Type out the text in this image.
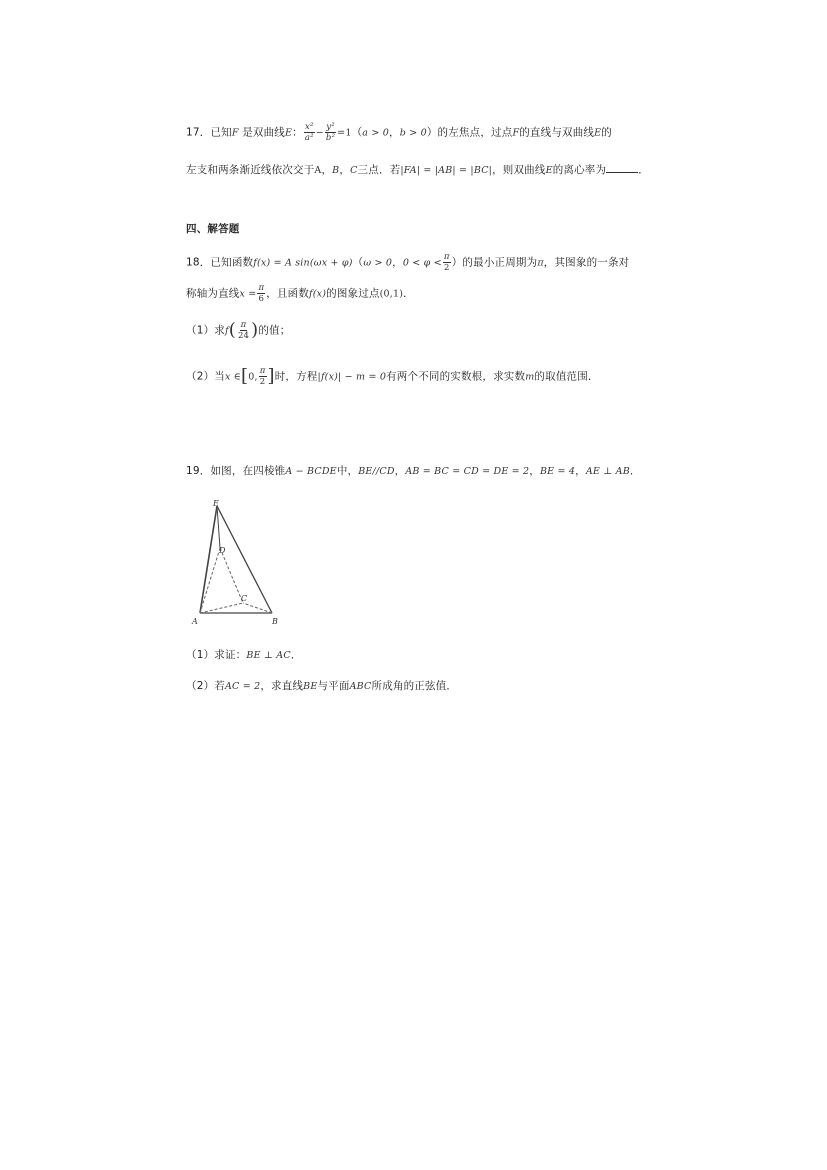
17．已知F 是双曲线E： $\frac{\text{x²}}{\text{a²}} - \frac{\text{y²}}{\text{b²}} =1(a > 0$，b > 0）的左焦点，过点F的直线与双曲线E的
左支和两条渐近线依次交于A，B，C三点．若|FA| = |AB| = |BC|，则双曲线E的离心率为	．
四、解答题
18．已知函数f(x) = A sin(ωx + φ)（ω > 0，$0 < \varphi < \frac{\pi}{2}$ ）的最小正周期为π，其图象的一条对
称轴为直线$x = \frac{\pi}{6}$ ，且函数f(x)的图象过点(0,1)．
（1）求$f( \frac{\pi}{24}$ )的值；
（2）当x ∈[0, $\frac{\pi}{2}$ ]时，方程|f(x)| − m = 0有两个不同的实数根，求实数m的取值范围．
19．如图，在四棱锥A − BCDE中，BE//CD，AB = BC = CD = DE = 2，BE = 4，AE ⊥ AB．
E
D
C
A	B
（1）求证：BE ⊥ AC．
（2）若AC = 2，求直线BE与平面ABC所成角的正弦值．
